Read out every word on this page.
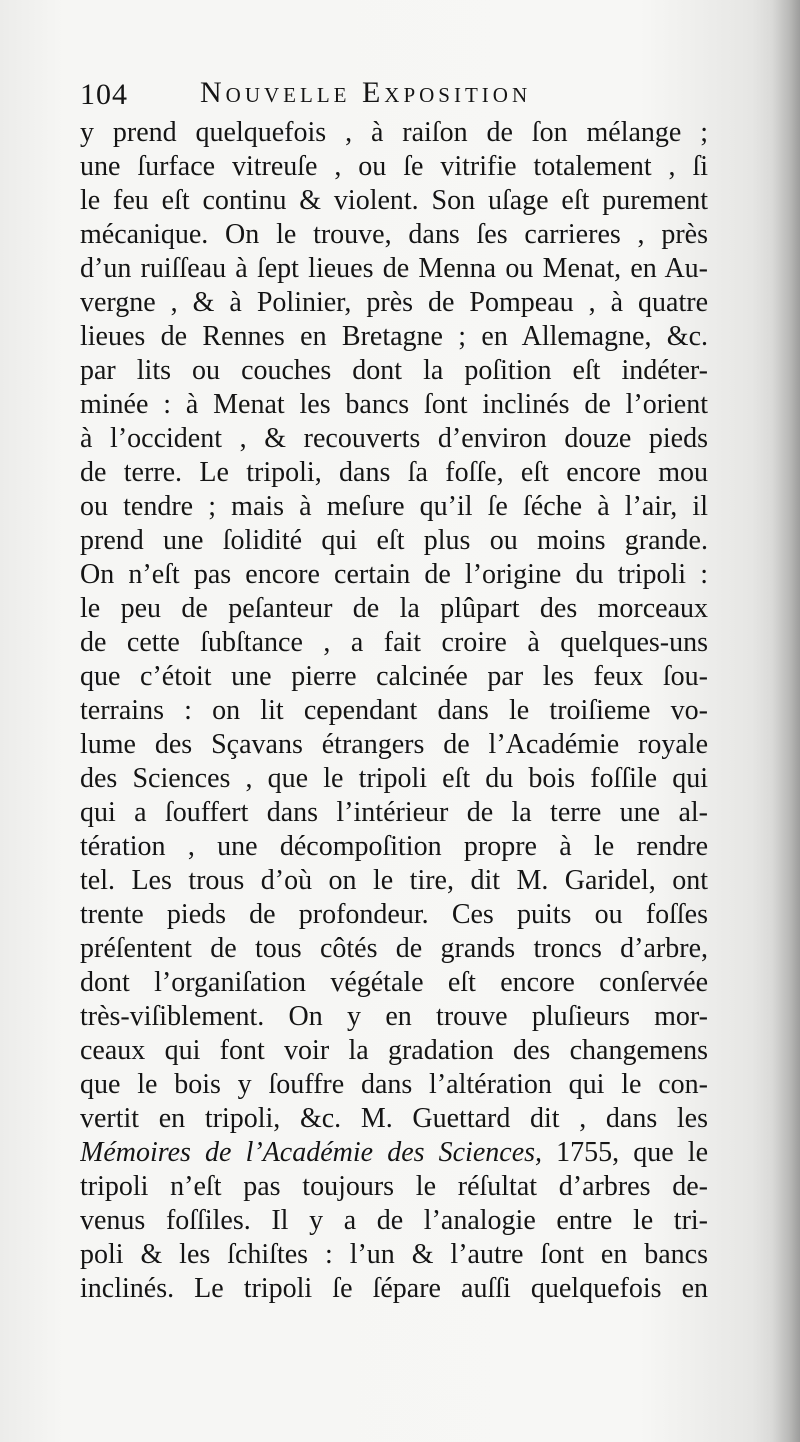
104 Nouvelle Exposition
y prend quelquefois , à raiſon de ſon mélange ;
une ſurface vitreuſe , ou ſe vitrifie totalement , ſi
le feu eſt continu & violent. Son uſage eſt purement
mécanique. On le trouve, dans ſes carrieres , près
d’un ruiſſeau à ſept lieues de Menna ou Menat, en Au-
vergne , & à Polinier, près de Pompeau , à quatre
lieues de Rennes en Bretagne ; en Allemagne, &c.
par lits ou couches dont la poſition eſt indéter-
minée : à Menat les bancs ſont inclinés de l’orient
à l’occident , & recouverts d’environ douze pieds
de terre. Le tripoli, dans ſa foſſe, eſt encore mou
ou tendre ; mais à meſure qu’il ſe ſéche à l’air, il
prend une ſolidité qui eſt plus ou moins grande.
On n’eſt pas encore certain de l’origine du tripoli :
le peu de peſanteur de la plûpart des morceaux
de cette ſubſtance , a fait croire à quelques-uns
que c’étoit une pierre calcinée par les feux ſou-
terrains : on lit cependant dans le troiſieme vo-
lume des Sçavans étrangers de l’Académie royale
des Sciences , que le tripoli eſt du bois foſſile qui
qui a ſouffert dans l’intérieur de la terre une al-
tération , une décompoſition propre à le rendre
tel. Les trous d’où on le tire, dit M. Garidel, ont
trente pieds de profondeur. Ces puits ou foſſes
préſentent de tous côtés de grands troncs d’arbre,
dont l’organiſation végétale eſt encore conſervée
très-viſiblement. On y en trouve pluſieurs mor-
ceaux qui font voir la gradation des changemens
que le bois y ſouffre dans l’altération qui le con-
vertit en tripoli, &c. M. Guettard dit , dans les
Mémoires de l’Académie des Sciences, 1755, que le
tripoli n’eſt pas toujours le réſultat d’arbres de-
venus foſſiles. Il y a de l’analogie entre le tri-
poli & les ſchiſtes : l’un & l’autre ſont en bancs
inclinés. Le tripoli ſe ſépare auſſi quelquefois en
